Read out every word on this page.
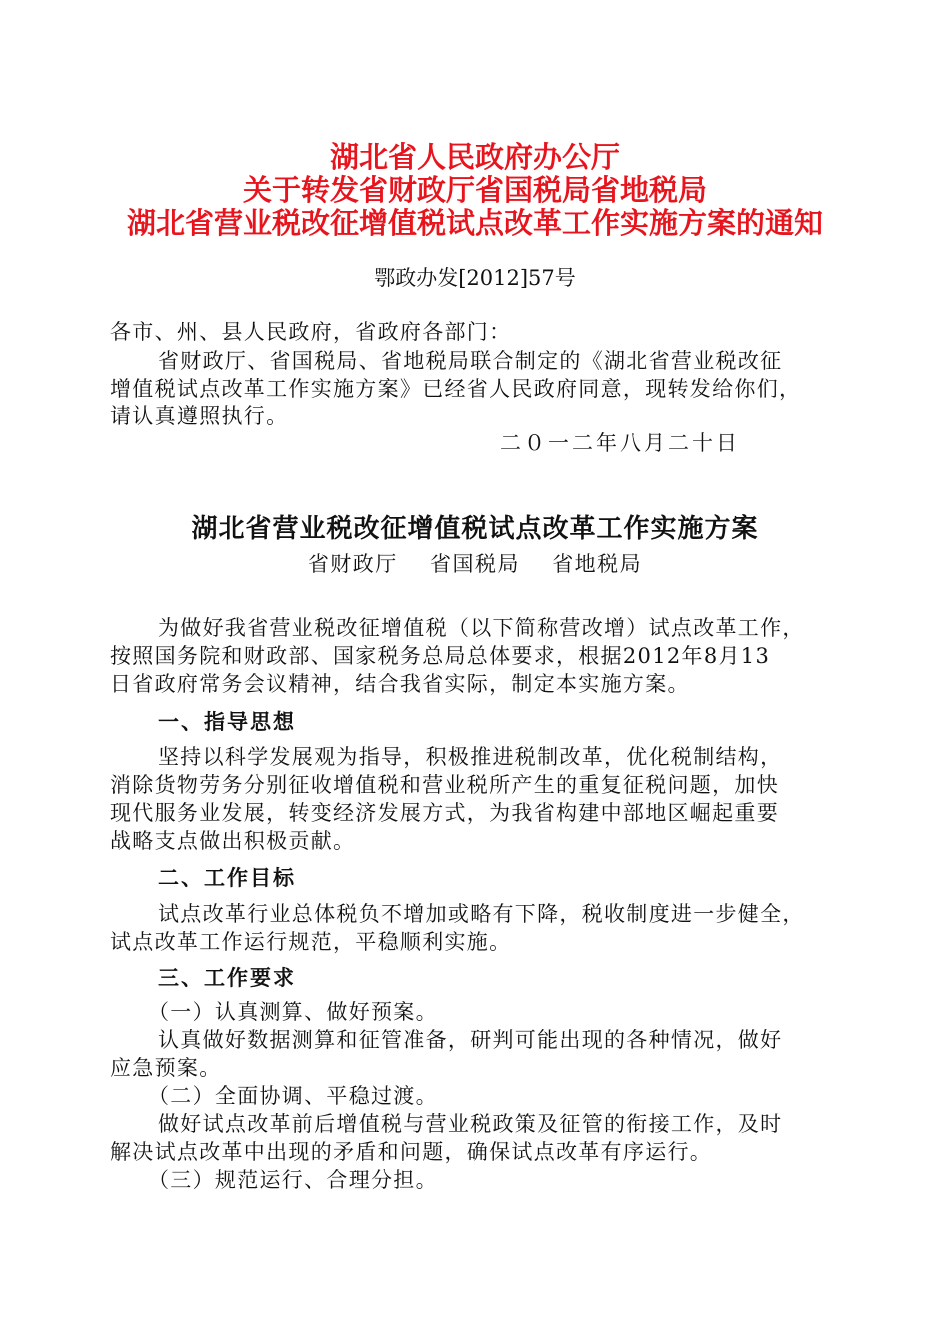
湖北省人民政府办公厅
关于转发省财政厅省国税局省地税局
湖北省营业税改征增值税试点改革工作实施方案的通知
鄂政办发[2012]57号
各市、州、县人民政府，省政府各部门：
省财政厅、省国税局、省地税局联合制定的《湖北省营业税改征
增值税试点改革工作实施方案》已经省人民政府同意，现转发给你们，
请认真遵照执行。
二０一二年八月二十日
湖北省营业税改征增值税试点改革工作实施方案
省财政厅 省国税局 省地税局
为做好我省营业税改征增值税（以下简称营改增）试点改革工作，
按照国务院和财政部、国家税务总局总体要求，根据2012年8月13
日省政府常务会议精神，结合我省实际，制定本实施方案。
一、指导思想
坚持以科学发展观为指导，积极推进税制改革，优化税制结构，
消除货物劳务分别征收增值税和营业税所产生的重复征税问题，加快
现代服务业发展，转变经济发展方式，为我省构建中部地区崛起重要
战略支点做出积极贡献。
二、工作目标
试点改革行业总体税负不增加或略有下降，税收制度进一步健全，
试点改革工作运行规范，平稳顺利实施。
三、工作要求
（一）认真测算、做好预案。
认真做好数据测算和征管准备，研判可能出现的各种情况，做好
应急预案。
（二）全面协调、平稳过渡。
做好试点改革前后增值税与营业税政策及征管的衔接工作，及时
解决试点改革中出现的矛盾和问题，确保试点改革有序运行。
（三）规范运行、合理分担。
